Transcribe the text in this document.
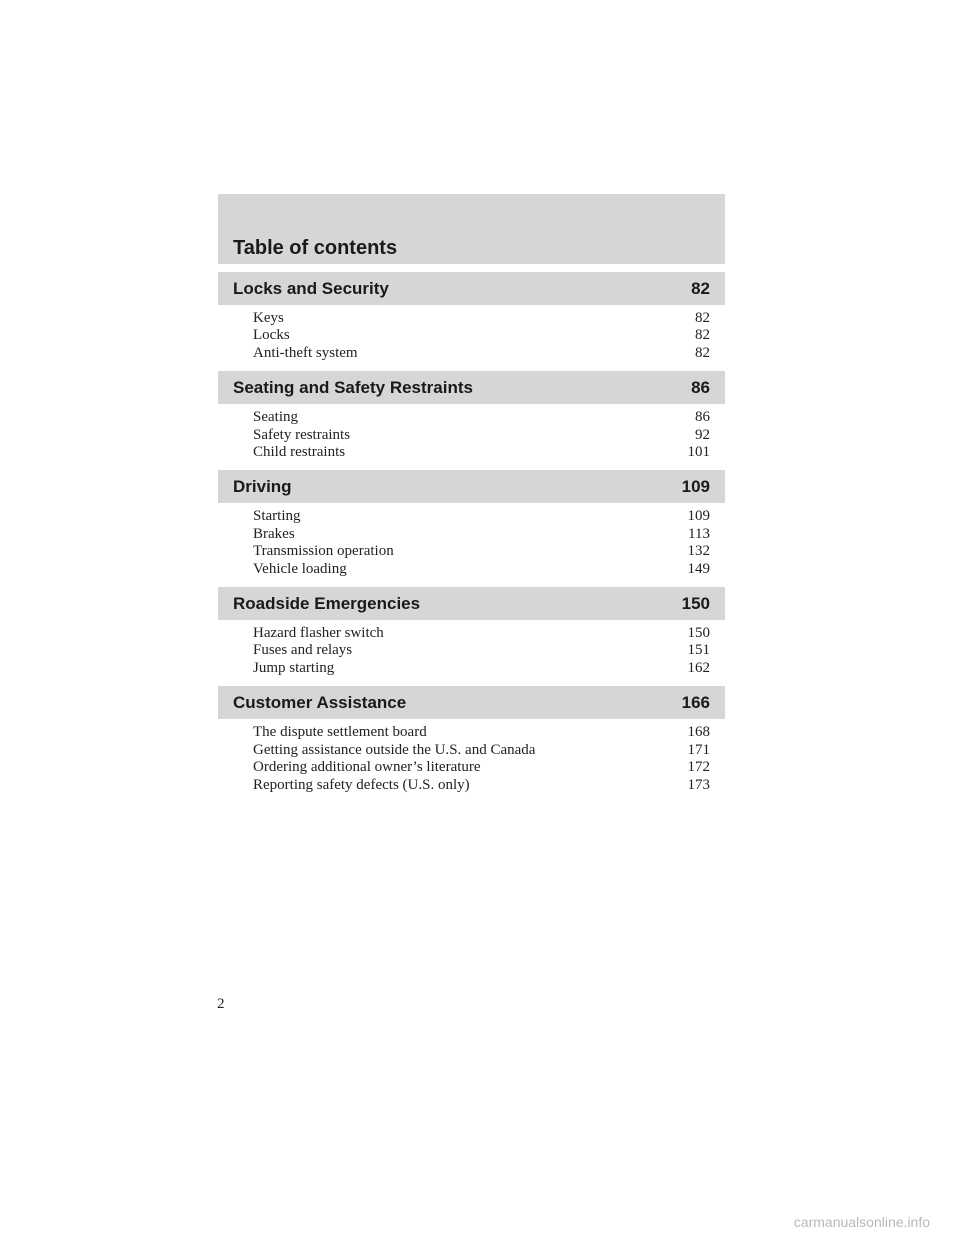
Table of contents
Locks and Security	82
Keys	82
Locks	82
Anti-theft system	82
Seating and Safety Restraints	86
Seating	86
Safety restraints	92
Child restraints	101
Driving	109
Starting	109
Brakes	113
Transmission operation	132
Vehicle loading	149
Roadside Emergencies	150
Hazard flasher switch	150
Fuses and relays	151
Jump starting	162
Customer Assistance	166
The dispute settlement board	168
Getting assistance outside the U.S. and Canada	171
Ordering additional owner’s literature	172
Reporting safety defects (U.S. only)	173
2
carmanualsonline.info
